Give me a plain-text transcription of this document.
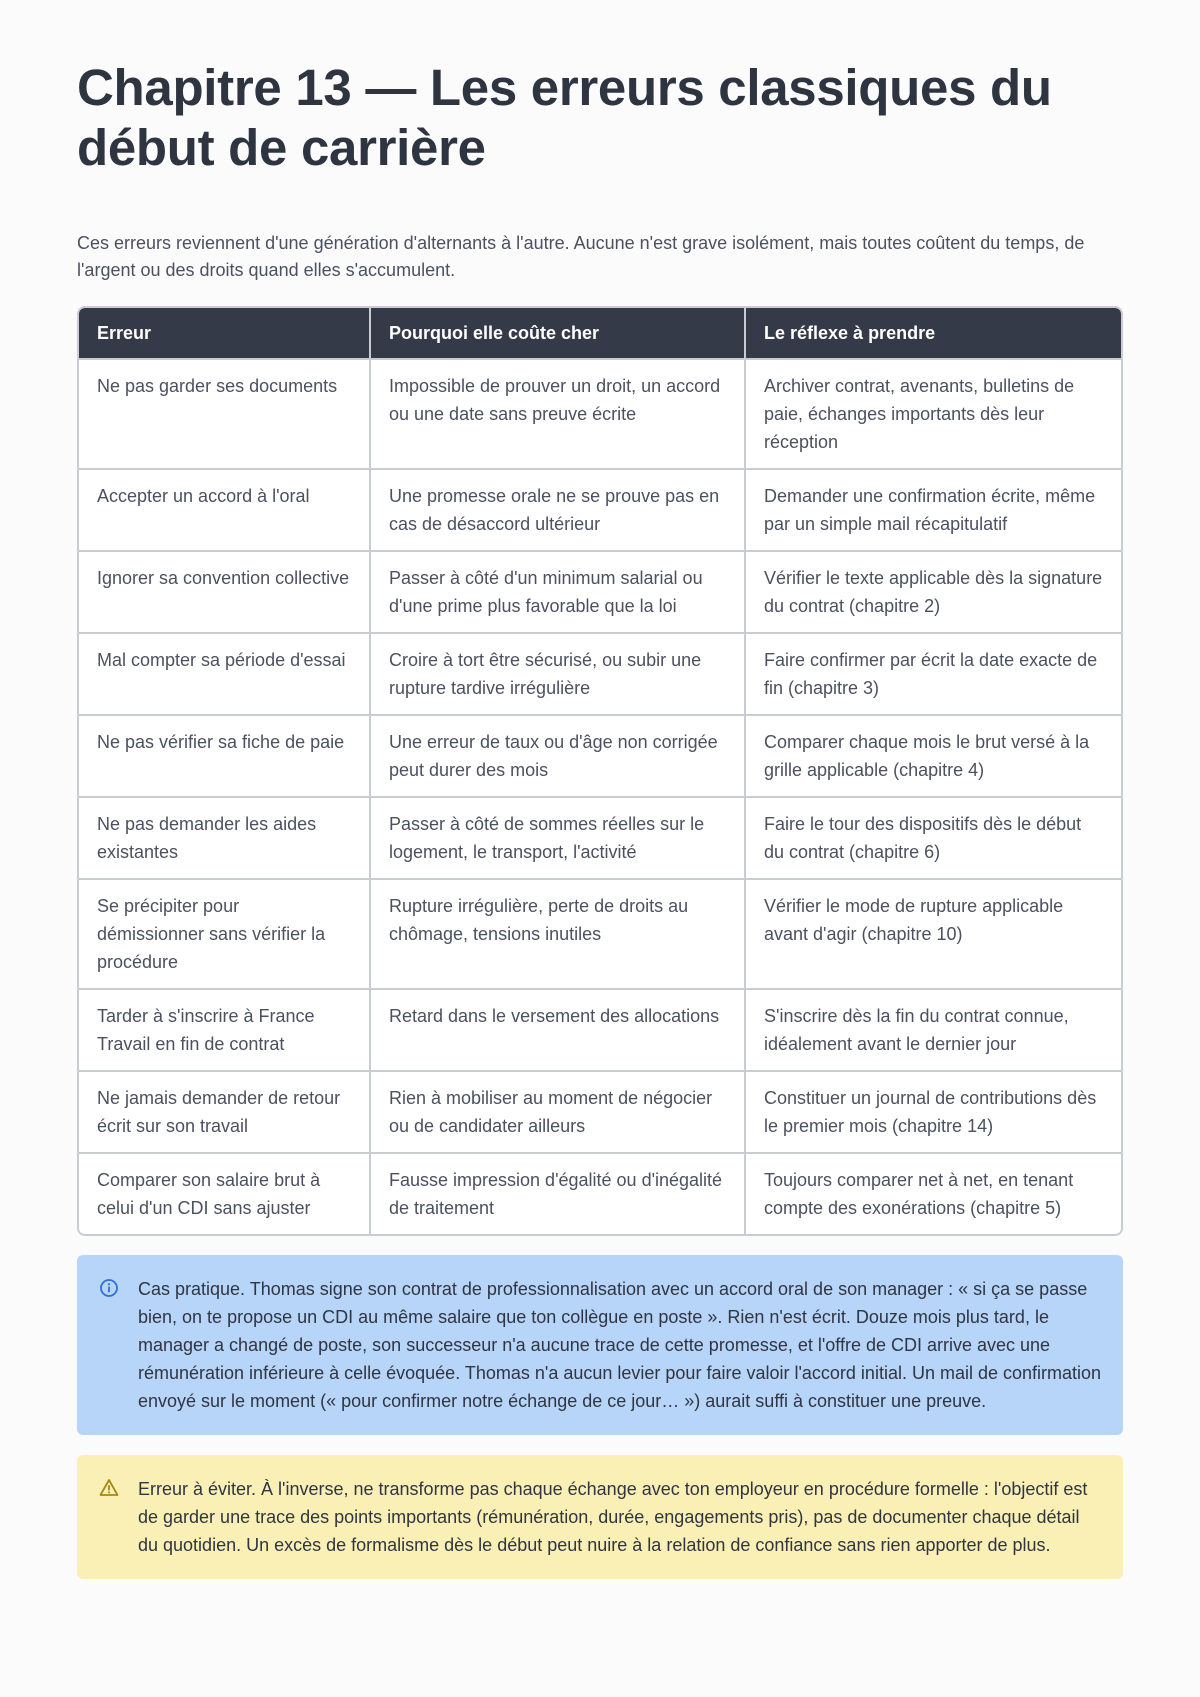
Chapitre 13 — Les erreurs classiques du début de carrière

Ces erreurs reviennent d'une génération d'alternants à l'autre. Aucune n'est grave isolément, mais toutes coûtent du temps, de l'argent ou des droits quand elles s'accumulent.

Erreur	Pourquoi elle coûte cher	Le réflexe à prendre
Ne pas garder ses documents	Impossible de prouver un droit, un accord ou une date sans preuve écrite	Archiver contrat, avenants, bulletins de paie, échanges importants dès leur réception
Accepter un accord à l'oral	Une promesse orale ne se prouve pas en cas de désaccord ultérieur	Demander une confirmation écrite, même par un simple mail récapitulatif
Ignorer sa convention collective	Passer à côté d'un minimum salarial ou d'une prime plus favorable que la loi	Vérifier le texte applicable dès la signature du contrat (chapitre 2)
Mal compter sa période d'essai	Croire à tort être sécurisé, ou subir une rupture tardive irrégulière	Faire confirmer par écrit la date exacte de fin (chapitre 3)
Ne pas vérifier sa fiche de paie	Une erreur de taux ou d'âge non corrigée peut durer des mois	Comparer chaque mois le brut versé à la grille applicable (chapitre 4)
Ne pas demander les aides existantes	Passer à côté de sommes réelles sur le logement, le transport, l'activité	Faire le tour des dispositifs dès le début du contrat (chapitre 6)
Se précipiter pour démissionner sans vérifier la procédure	Rupture irrégulière, perte de droits au chômage, tensions inutiles	Vérifier le mode de rupture applicable avant d'agir (chapitre 10)
Tarder à s'inscrire à France Travail en fin de contrat	Retard dans le versement des allocations	S'inscrire dès la fin du contrat connue, idéalement avant le dernier jour
Ne jamais demander de retour écrit sur son travail	Rien à mobiliser au moment de négocier ou de candidater ailleurs	Constituer un journal de contributions dès le premier mois (chapitre 14)
Comparer son salaire brut à celui d'un CDI sans ajuster	Fausse impression d'égalité ou d'inégalité de traitement	Toujours comparer net à net, en tenant compte des exonérations (chapitre 5)
Cas pratique. Thomas signe son contrat de professionnalisation avec un accord oral de son manager : « si ça se passe bien, on te propose un CDI au même salaire que ton collègue en poste ». Rien n'est écrit. Douze mois plus tard, le manager a changé de poste, son successeur n'a aucune trace de cette promesse, et l'offre de CDI arrive avec une rémunération inférieure à celle évoquée. Thomas n'a aucun levier pour faire valoir l'accord initial. Un mail de confirmation envoyé sur le moment (« pour confirmer notre échange de ce jour… ») aurait suffi à constituer une preuve.
Erreur à éviter. À l'inverse, ne transforme pas chaque échange avec ton employeur en procédure formelle : l'objectif est de garder une trace des points importants (rémunération, durée, engagements pris), pas de documenter chaque détail du quotidien. Un excès de formalisme dès le début peut nuire à la relation de confiance sans rien apporter de plus.
